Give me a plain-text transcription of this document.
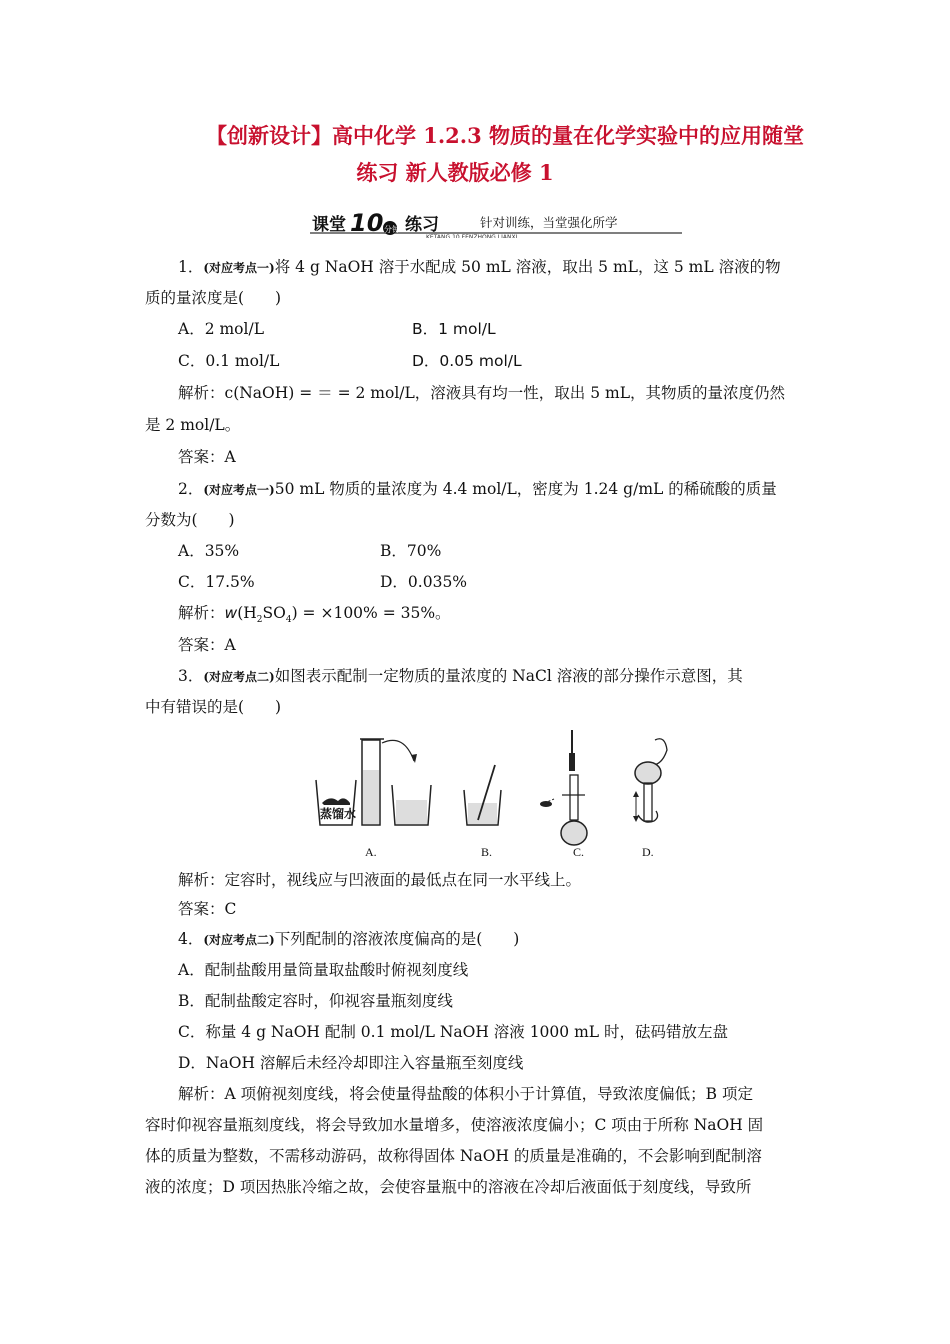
【创新设计】高中化学 1.2.3 物质的量在化学实验中的应用随堂
练习 新人教版必修 1
课堂 10 分钟 练习
KETANG 10 FENZHONG LIANXI
针对训练，当堂强化所学
1．(对应考点一)将 4 g NaOH 溶于水配成 50 mL 溶液，取出 5 mL，这 5 mL 溶液的物
质的量浓度是(　　)
A．2 mol/L	B．1 mol/L
C．0.1 mol/L	D．0.05 mol/L
解析：c(NaOH) = ＝ = 2 mol/L，溶液具有均一性，取出 5 mL，其物质的量浓度仍然
是 2 mol/L。
答案：A
2．(对应考点一)50 mL 物质的量浓度为 4.4 mol/L，密度为 1.24 g/mL 的稀硫酸的质量
分数为(　　)
A．35%	B．70%
C．17.5%	D．0.035%
解析：$w(H_2SO_4) = \times 100\% = 35\%$。
答案：A
3．(对应考点二)如图表示配制一定物质的量浓度的 NaCl 溶液的部分操作示意图，其
中有错误的是(　　)
蒸馏水
A.	B.	C.	D.
解析：定容时，视线应与凹液面的最低点在同一水平线上。
答案：C
4．(对应考点二)下列配制的溶液浓度偏高的是(　　)
A．配制盐酸用量筒量取盐酸时俯视刻度线
B．配制盐酸定容时，仰视容量瓶刻度线
C．称量 4 g NaOH 配制 0.1 mol/L NaOH 溶液 1000 mL 时，砝码错放左盘
D．NaOH 溶解后未经冷却即注入容量瓶至刻度线
解析：A 项俯视刻度线，将会使量得盐酸的体积小于计算值，导致浓度偏低；B 项定
容时仰视容量瓶刻度线，将会导致加水量增多，使溶液浓度偏小；C 项由于所称 NaOH 固
体的质量为整数，不需移动游码，故称得固体 NaOH 的质量是准确的，不会影响到配制溶
液的浓度；D 项因热胀冷缩之故，会使容量瓶中的溶液在冷却后液面低于刻度线，导致所
